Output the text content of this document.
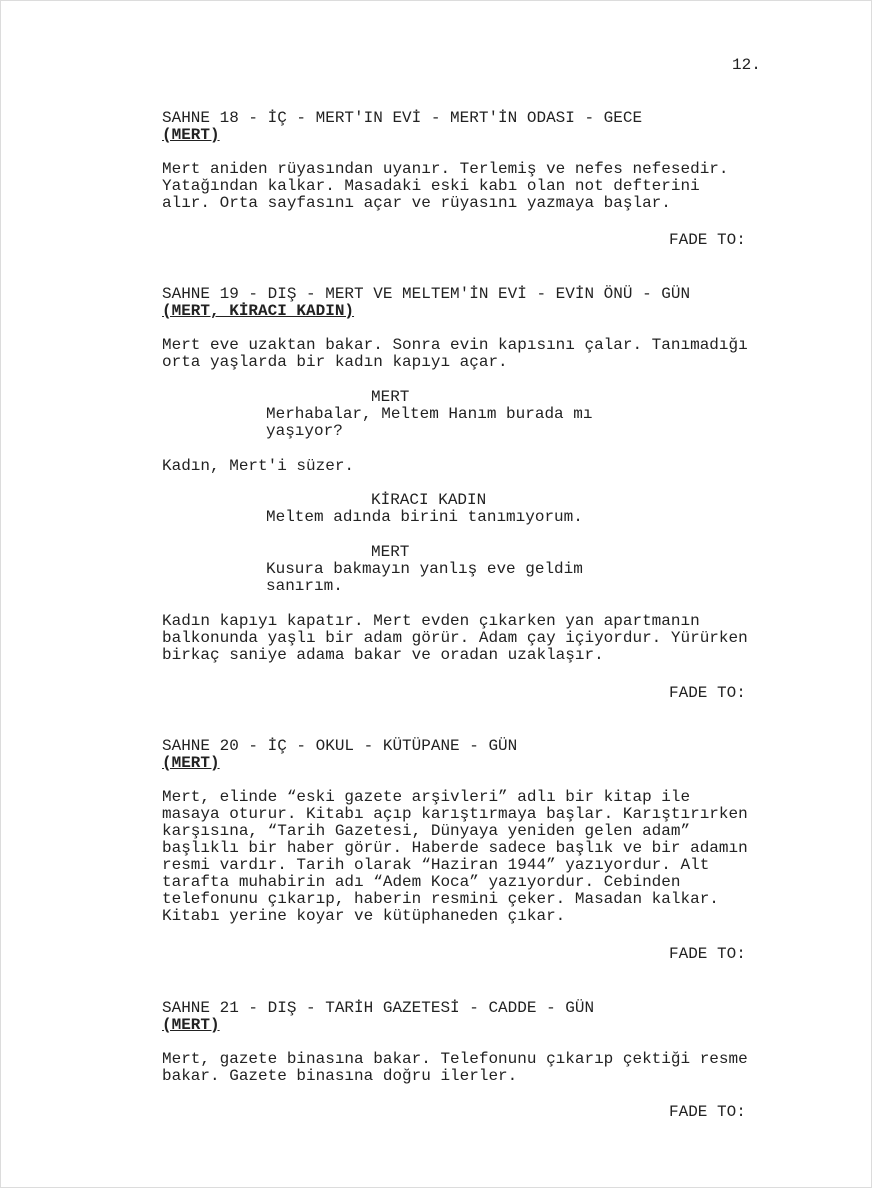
12.
SAHNE 18 - İÇ - MERT'IN EVİ - MERT'İN ODASI - GECE
(MERT)
Mert aniden rüyasından uyanır. Terlemiş ve nefes nefesedir.
Yatağından kalkar. Masadaki eski kabı olan not defterini
alır. Orta sayfasını açar ve rüyasını yazmaya başlar.
FADE TO:
SAHNE 19 - DIŞ - MERT VE MELTEM'İN EVİ - EVİN ÖNÜ - GÜN
(MERT, KİRACI KADIN)
Mert eve uzaktan bakar. Sonra evin kapısını çalar. Tanımadığı
orta yaşlarda bir kadın kapıyı açar.
MERT
Merhabalar, Meltem Hanım burada mı
yaşıyor?
Kadın, Mert'i süzer.
KİRACI KADIN
Meltem adında birini tanımıyorum.
MERT
Kusura bakmayın yanlış eve geldim
sanırım.
Kadın kapıyı kapatır. Mert evden çıkarken yan apartmanın
balkonunda yaşlı bir adam görür. Adam çay içiyordur. Yürürken
birkaç saniye adama bakar ve oradan uzaklaşır.
FADE TO:
SAHNE 20 - İÇ - OKUL - KÜTÜPANE - GÜN
(MERT)
Mert, elinde “eski gazete arşivleri” adlı bir kitap ile
masaya oturur. Kitabı açıp karıştırmaya başlar. Karıştırırken
karşısına, “Tarih Gazetesi, Dünyaya yeniden gelen adam”
başlıklı bir haber görür. Haberde sadece başlık ve bir adamın
resmi vardır. Tarih olarak “Haziran 1944” yazıyordur. Alt
tarafta muhabirin adı “Adem Koca” yazıyordur. Cebinden
telefonunu çıkarıp, haberin resmini çeker. Masadan kalkar.
Kitabı yerine koyar ve kütüphaneden çıkar.
FADE TO:
SAHNE 21 - DIŞ - TARİH GAZETESİ - CADDE - GÜN
(MERT)
Mert, gazete binasına bakar. Telefonunu çıkarıp çektiği resme
bakar. Gazete binasına doğru ilerler.
FADE TO:
